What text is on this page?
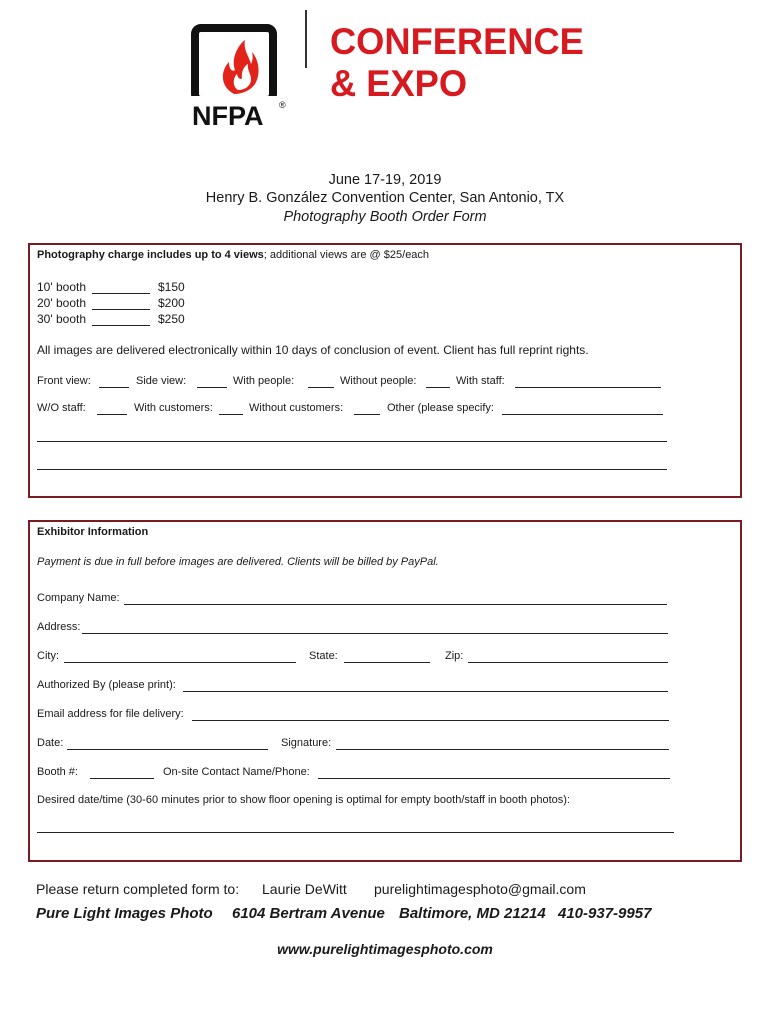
NFPA ®
CONFERENCE
& EXPO
June 17-19, 2019
Henry B. González Convention Center, San Antonio, TX
Photography Booth Order Form
Photography charge includes up to 4 views; additional views are @ $25/each
10' booth	$150
20' booth	$200
30' booth	$250
All images are delivered electronically within 10 days of conclusion of event. Client has full reprint rights.
Front view:	Side view:	With people:	Without people:	With staff:
W/O staff:	With customers:	Without customers:	Other (please specify:
Exhibitor Information
Payment is due in full before images are delivered. Clients will be billed by PayPal.
Company Name:
Address:
City:	State:	Zip:
Authorized By (please print):
Email address for file delivery:
Date:	Signature:
Booth #:	On-site Contact Name/Phone:
Desired date/time (30-60 minutes prior to show floor opening is optimal for empty booth/staff in booth photos):
Please return completed form to: Laurie DeWitt purelightimagesphoto@gmail.com
Pure Light Images Photo 6104 Bertram Avenue Baltimore, MD 21214 410-937-9957
www.purelightimagesphoto.com
